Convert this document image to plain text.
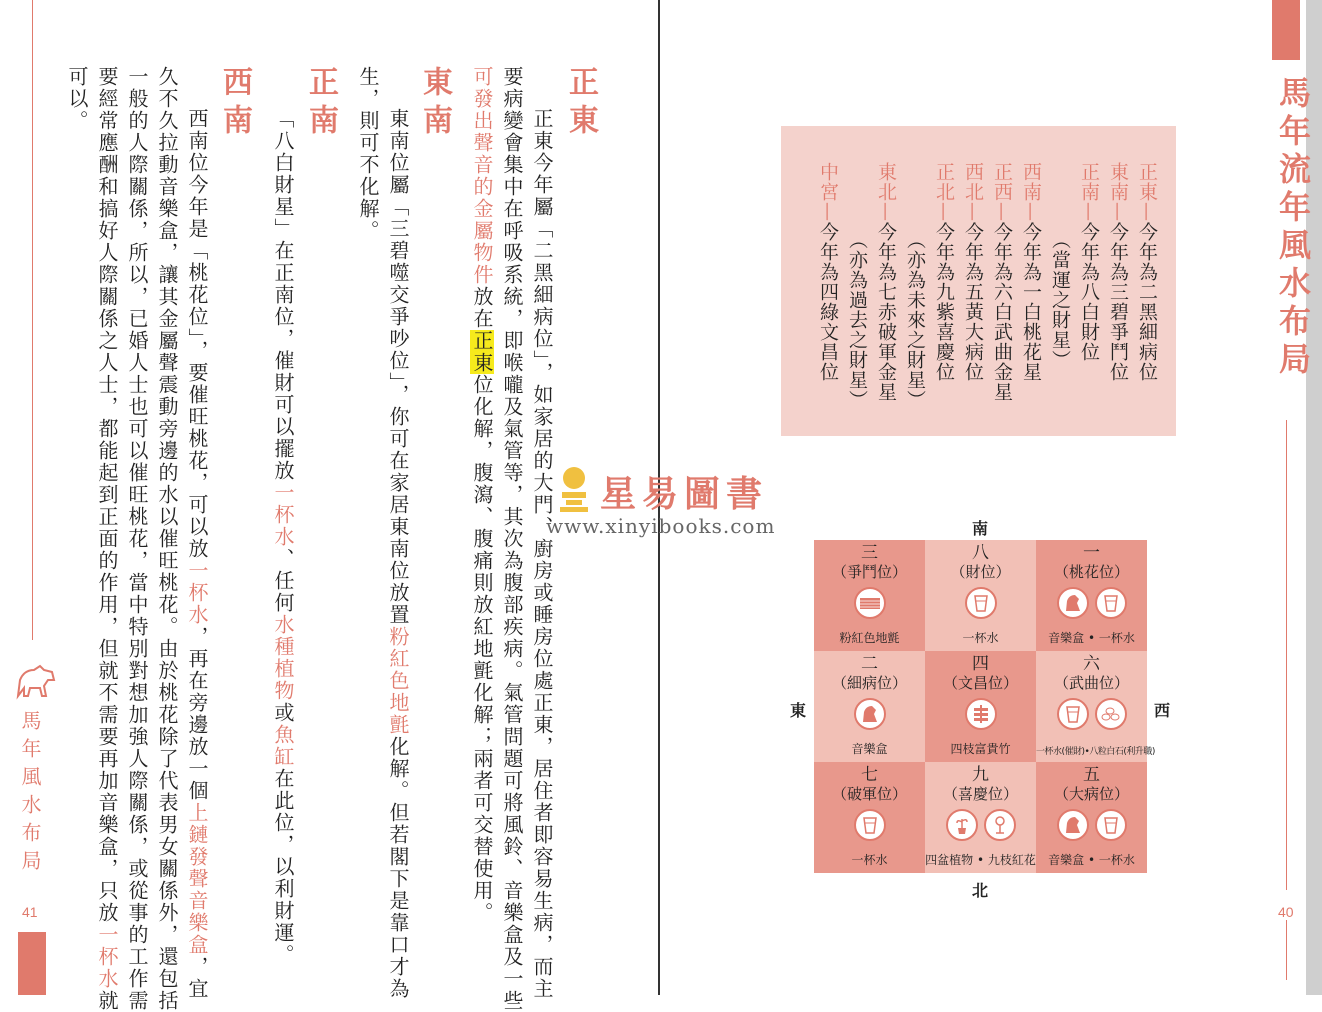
正東
正東今年屬「二黑細病位」，如家居的大門、廚房或睡房位處正東，居住者即容易生病，而主
要病變會集中在呼吸系統，即喉嚨及氣管等，其次為腹部疾病。氣管問題可將風鈴、音樂盒及一些
可發出聲音的金屬物件放在正東位化解，腹瀉、腹痛則放紅地氈化解；兩者可交替使用。
東南
東南位屬「三碧噬交爭吵位」，你可在家居東南位放置粉紅色地氈化解。但若閣下是靠口才為
生，則可不化解。
正南
「八白財星」在正南位，催財可以擺放一杯水、任何水種植物或魚缸在此位，以利財運。
西南
西南位今年是「桃花位」，要催旺桃花，可以放一杯水，再在旁邊放一個上鏈發聲音樂盒，宜
久不久拉動音樂盒，讓其金屬聲震動旁邊的水以催旺桃花。由於桃花除了代表男女關係外，還包括
一般的人際關係，所以，已婚人士也可以催旺桃花，當中特別對想加強人際關係，或從事的工作需
要經常應酬和搞好人際關係之人士，都能起到正面的作用，但就不需要再加音樂盒，只放一杯水就
可以。
馬年風水布局
41
馬年流年風水布局
40
正東—今年為二黑細病位
東南—今年為三碧爭鬥位
正南—今年為八白財位
（當運之財星）
西南—今年為一白桃花星
正西—今年為六白武曲金星
西北—今年為五黃大病位
正北—今年為九紫喜慶位
（亦為未來之財星）
東北—今年為七赤破軍金星
（亦為過去之財星）
中宮—今年為四綠文昌位
星易圖書
www.xinyibooks.com	南
北
東	西
三
（爭鬥位）
粉紅色地氈
八
（財位）
一杯水
一
（桃花位）
音樂盒 • 一杯水
二
（細病位）
音樂盒
四
（文昌位）
四枝富貴竹
六
（武曲位）
一杯水(催財)•八粒白石(利升職)
七
（破軍位）
一杯水
九
（喜慶位）
四盆植物 • 九枝紅花
五
（大病位）
音樂盒 • 一杯水
